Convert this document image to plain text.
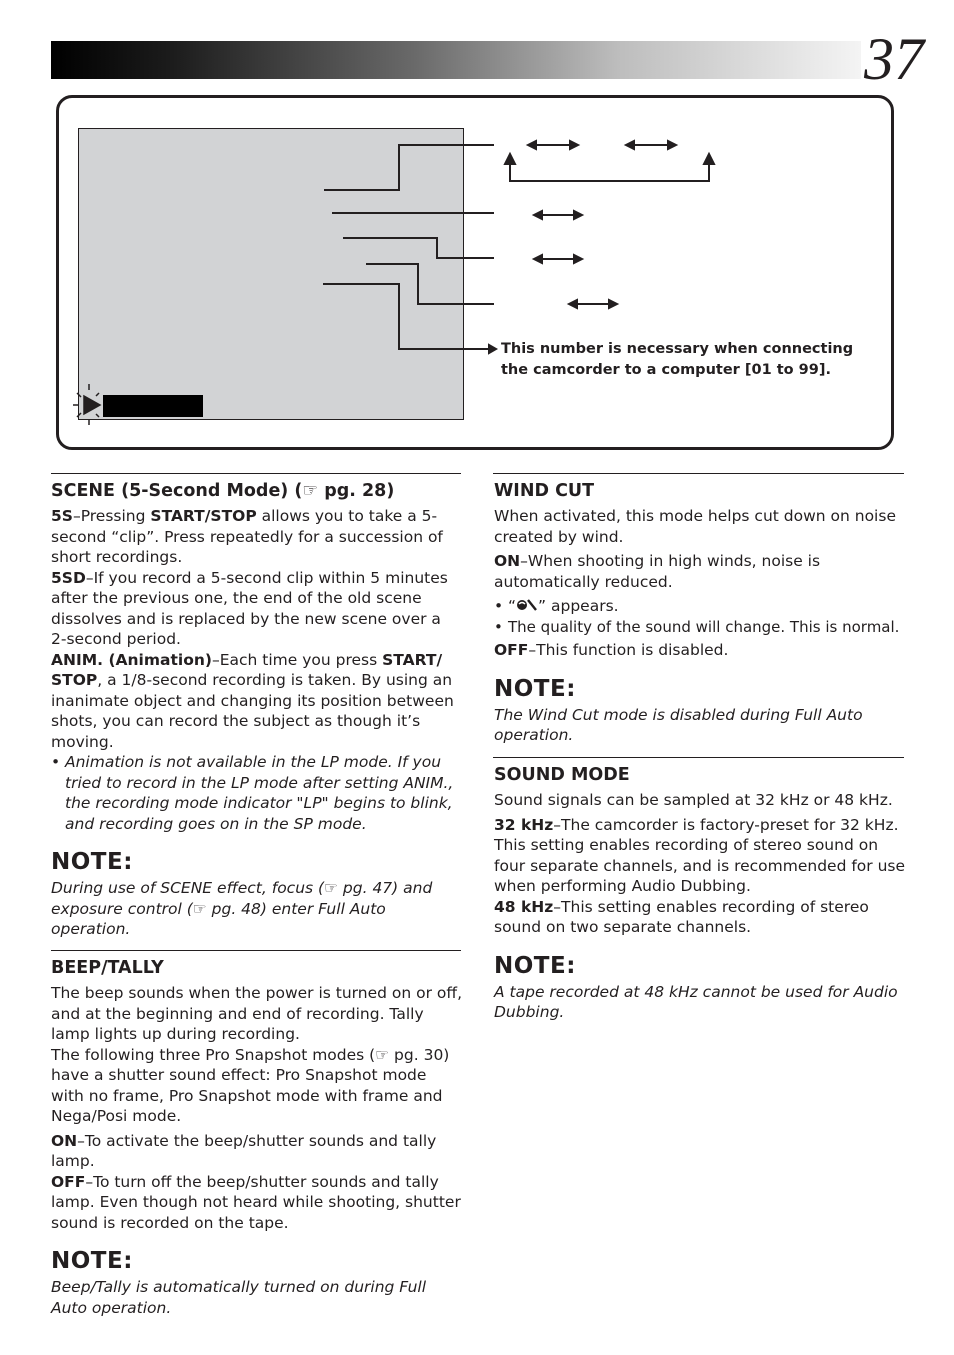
37
This number is necessary when connecting
the camcorder to a computer [01 to 99].
SCENE (5-Second Mode) (☞ pg. 28)

5S–Pressing START/STOP allows you to take a 5-second “clip”. Press repeatedly for a succession of short recordings.

5SD–If you record a 5-second clip within 5 minutes after the previous one, the end of the old scene dissolves and is replaced by the new scene over a 2-second period.

ANIM. (Animation)–Each time you press START/ STOP, a 1/8-second recording is taken. By using an inanimate object and changing its position between shots, you can record the subject as though it’s moving.

• Animation is not available in the LP mode. If you tried to record in the LP mode after setting ANIM., the recording mode indicator "LP" begins to blink, and recording goes on in the SP mode.
NOTE:

During use of SCENE effect, focus (☞ pg. 47) and exposure control (☞ pg. 48) enter Full Auto operation.

BEEP/TALLY

The beep sounds when the power is turned on or off, and at the beginning and end of recording. Tally lamp lights up during recording.

The following three Pro Snapshot modes (☞ pg. 30) have a shutter sound effect: Pro Snapshot mode with no frame, Pro Snapshot mode with frame and Nega/Posi mode.

ON–To activate the beep/shutter sounds and tally lamp.

OFF–To turn off the beep/shutter sounds and tally lamp. Even though not heard while shooting, shutter sound is recorded on the tape.

NOTE:

Beep/Tally is automatically turned on during Full Auto operation.

WIND CUT

When activated, this mode helps cut down on noise created by wind.

ON–When shooting in high winds, noise is automatically reduced.

• “ ” appears.
• The quality of the sound will change. This is normal.

OFF–This function is disabled.

NOTE:

The Wind Cut mode is disabled during Full Auto operation.

SOUND MODE

Sound signals can be sampled at 32 kHz or 48 kHz.

32 kHz–The camcorder is factory-preset for 32 kHz. This setting enables recording of stereo sound on four separate channels, and is recommended for use when performing Audio Dubbing.

48 kHz–This setting enables recording of stereo sound on two separate channels.

NOTE:

A tape recorded at 48 kHz cannot be used for Audio Dubbing.
